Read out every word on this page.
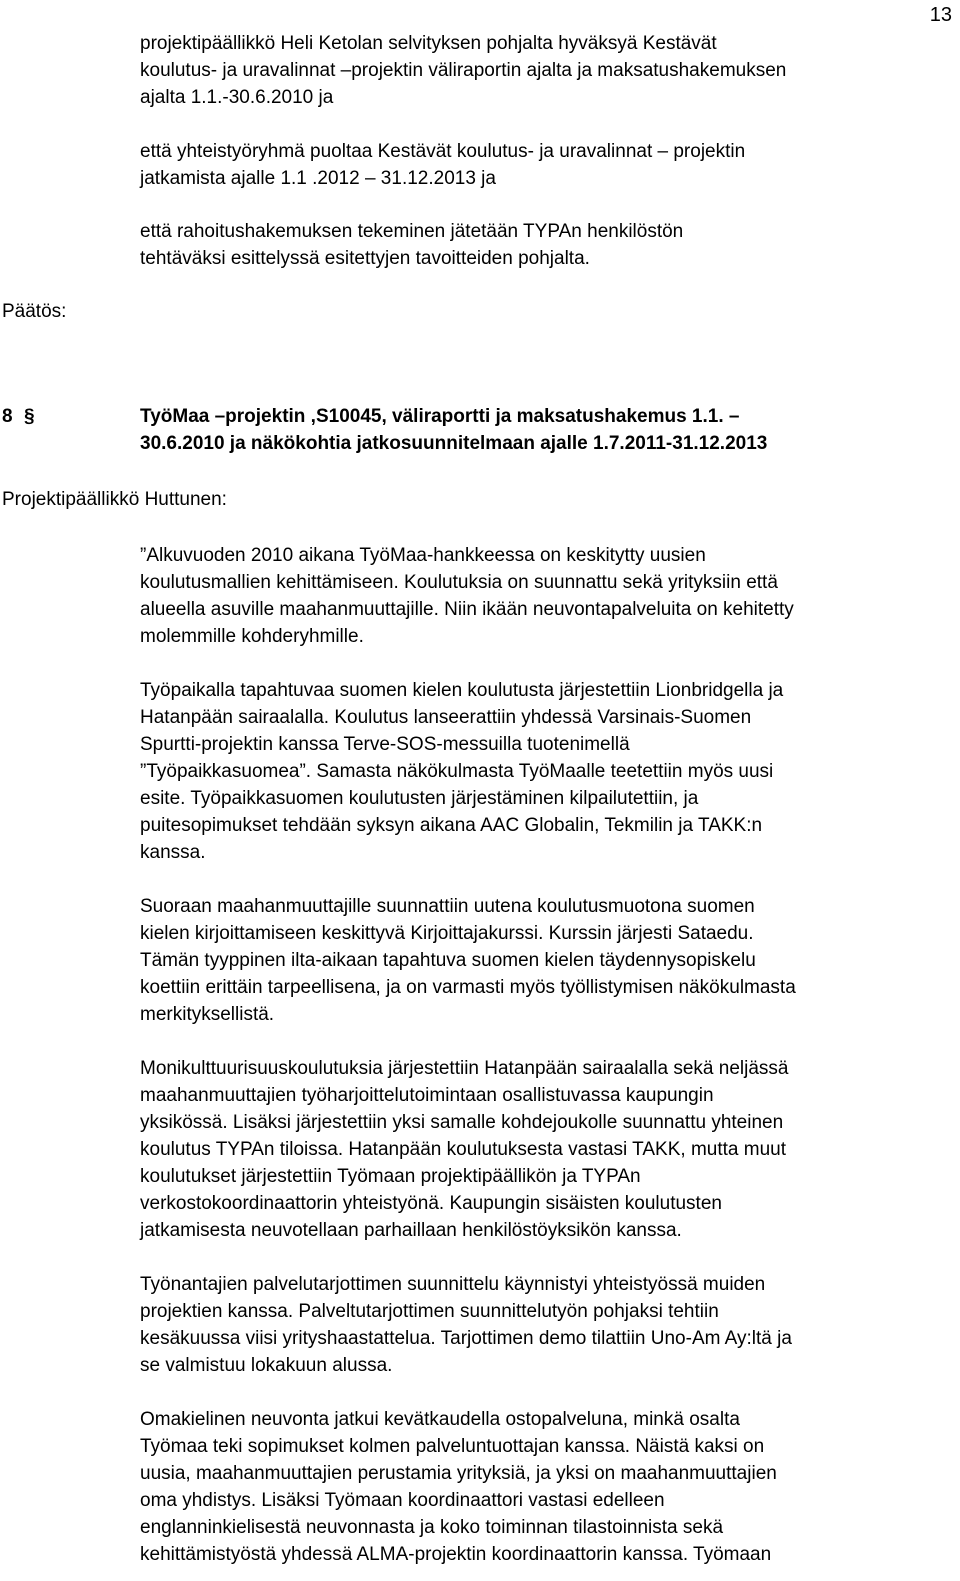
13

projektipäällikkö Heli Ketolan selvityksen pohjalta hyväksyä Kestävät
koulutus- ja uravalinnat –projektin väliraportin ajalta ja maksatushakemuksen
ajalta 1.1.-30.6.2010 ja

että yhteistyöryhmä puoltaa Kestävät koulutus- ja uravalinnat – projektin
jatkamista ajalle 1.1 .2012 – 31.12.2013 ja

että rahoitushakemuksen tekeminen jätetään TYPAn henkilöstön
tehtäväksi esittelyssä esitettyjen tavoitteiden pohjalta.

Päätös:
8 §	TyöMaa –projektin ,S10045, väliraportti ja maksatushakemus 1.1. –
30.6.2010 ja näkökohtia jatkosuunnitelmaan ajalle 1.7.2011-31.12.2013
Projektipäällikkö Huttunen:

”Alkuvuoden 2010 aikana TyöMaa-hankkeessa on keskitytty uusien
koulutusmallien kehittämiseen. Koulutuksia on suunnattu sekä yrityksiin että
alueella asuville maahanmuuttajille. Niin ikään neuvontapalveluita on kehitetty
molemmille kohderyhmille.

Työpaikalla tapahtuvaa suomen kielen koulutusta järjestettiin Lionbridgella ja
Hatanpään sairaalalla. Koulutus lanseerattiin yhdessä Varsinais-Suomen
Spurtti-projektin kanssa Terve-SOS-messuilla tuotenimellä
”Työpaikkasuomea”. Samasta näkökulmasta TyöMaalle teetettiin myös uusi
esite. Työpaikkasuomen koulutusten järjestäminen kilpailutettiin, ja
puitesopimukset tehdään syksyn aikana AAC Globalin, Tekmilin ja TAKK:n
kanssa.

Suoraan maahanmuuttajille suunnattiin uutena koulutusmuotona suomen
kielen kirjoittamiseen keskittyvä Kirjoittajakurssi. Kurssin järjesti Sataedu.
Tämän tyyppinen ilta-aikaan tapahtuva suomen kielen täydennysopiskelu
koettiin erittäin tarpeellisena, ja on varmasti myös työllistymisen näkökulmasta
merkityksellistä.

Monikulttuurisuuskoulutuksia järjestettiin Hatanpään sairaalalla sekä neljässä
maahanmuuttajien työharjoittelutoimintaan osallistuvassa kaupungin
yksikössä. Lisäksi järjestettiin yksi samalle kohdejoukolle suunnattu yhteinen
koulutus TYPAn tiloissa. Hatanpään koulutuksesta vastasi TAKK, mutta muut
koulutukset järjestettiin Työmaan projektipäällikön ja TYPAn
verkostokoordinaattorin yhteistyönä. Kaupungin sisäisten koulutusten
jatkamisesta neuvotellaan parhaillaan henkilöstöyksikön kanssa.

Työnantajien palvelutarjottimen suunnittelu käynnistyi yhteistyössä muiden
projektien kanssa. Palveltutarjottimen suunnittelutyön pohjaksi tehtiin
kesäkuussa viisi yrityshaastattelua. Tarjottimen demo tilattiin Uno-Am Ay:ltä ja
se valmistuu lokakuun alussa.

Omakielinen neuvonta jatkui kevätkaudella ostopalveluna, minkä osalta
Työmaa teki sopimukset kolmen palveluntuottajan kanssa. Näistä kaksi on
uusia, maahanmuuttajien perustamia yrityksiä, ja yksi on maahanmuuttajien
oma yhdistys. Lisäksi Työmaan koordinaattori vastasi edelleen
englanninkielisestä neuvonnasta ja koko toiminnan tilastoinnista sekä
kehittämistyöstä yhdessä ALMA-projektin koordinaattorin kanssa. Työmaan
